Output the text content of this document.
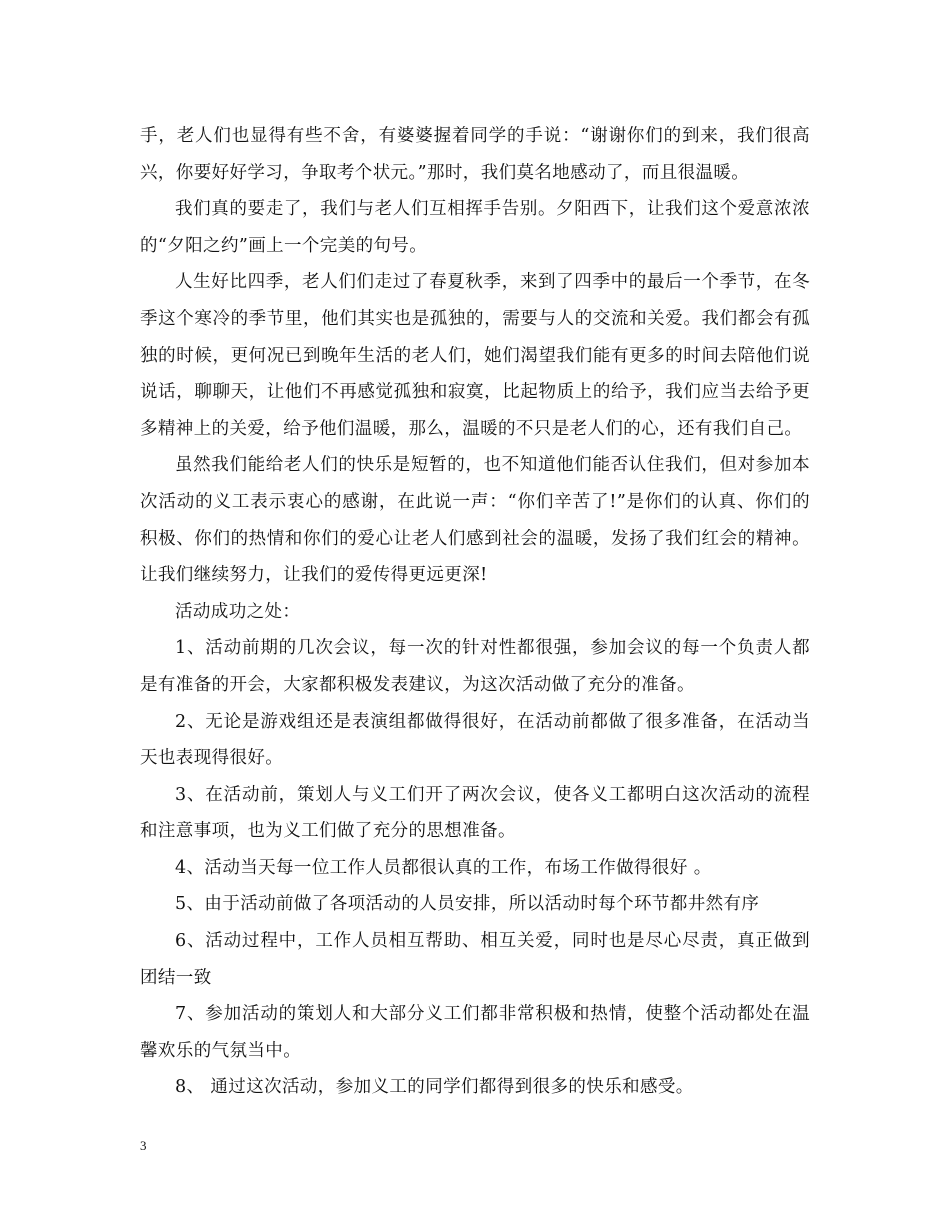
手，老人们也显得有些不舍，有婆婆握着同学的手说：“谢谢你们的到来，我们很高兴，你要好好学习，争取考个状元。”那时，我们莫名地感动了，而且很温暖。

我们真的要走了，我们与老人们互相挥手告别。夕阳西下，让我们这个爱意浓浓的“夕阳之约”画上一个完美的句号。

人生好比四季，老人们们走过了春夏秋季，来到了四季中的最后一个季节，在冬季这个寒冷的季节里，他们其实也是孤独的，需要与人的交流和关爱。我们都会有孤独的时候，更何况已到晚年生活的老人们，她们渴望我们能有更多的时间去陪他们说说话，聊聊天，让他们不再感觉孤独和寂寞，比起物质上的给予，我们应当去给予更多精神上的关爱，给予他们温暖，那么，温暖的不只是老人们的心，还有我们自己。

虽然我们能给老人们的快乐是短暂的，也不知道他们能否认住我们，但对参加本次活动的义工表示衷心的感谢，在此说一声：“你们辛苦了!”是你们的认真、你们的积极、你们的热情和你们的爱心让老人们感到社会的温暖，发扬了我们红会的精神。让我们继续努力，让我们的爱传得更远更深!

活动成功之处：

1、活动前期的几次会议，每一次的针对性都很强，参加会议的每一个负责人都是有准备的开会，大家都积极发表建议，为这次活动做了充分的准备。

2、无论是游戏组还是表演组都做得很好，在活动前都做了很多准备，在活动当天也表现得很好。

3、在活动前，策划人与义工们开了两次会议，使各义工都明白这次活动的流程和注意事项，也为义工们做了充分的思想准备。

4、活动当天每一位工作人员都很认真的工作，布场工作做得很好 。

5、由于活动前做了各项活动的人员安排，所以活动时每个环节都井然有序

6、活动过程中，工作人员相互帮助、相互关爱，同时也是尽心尽责，真正做到团结一致

7、参加活动的策划人和大部分义工们都非常积极和热情，使整个活动都处在温馨欢乐的气氛当中。

8、 通过这次活动，参加义工的同学们都得到很多的快乐和感受。

3
